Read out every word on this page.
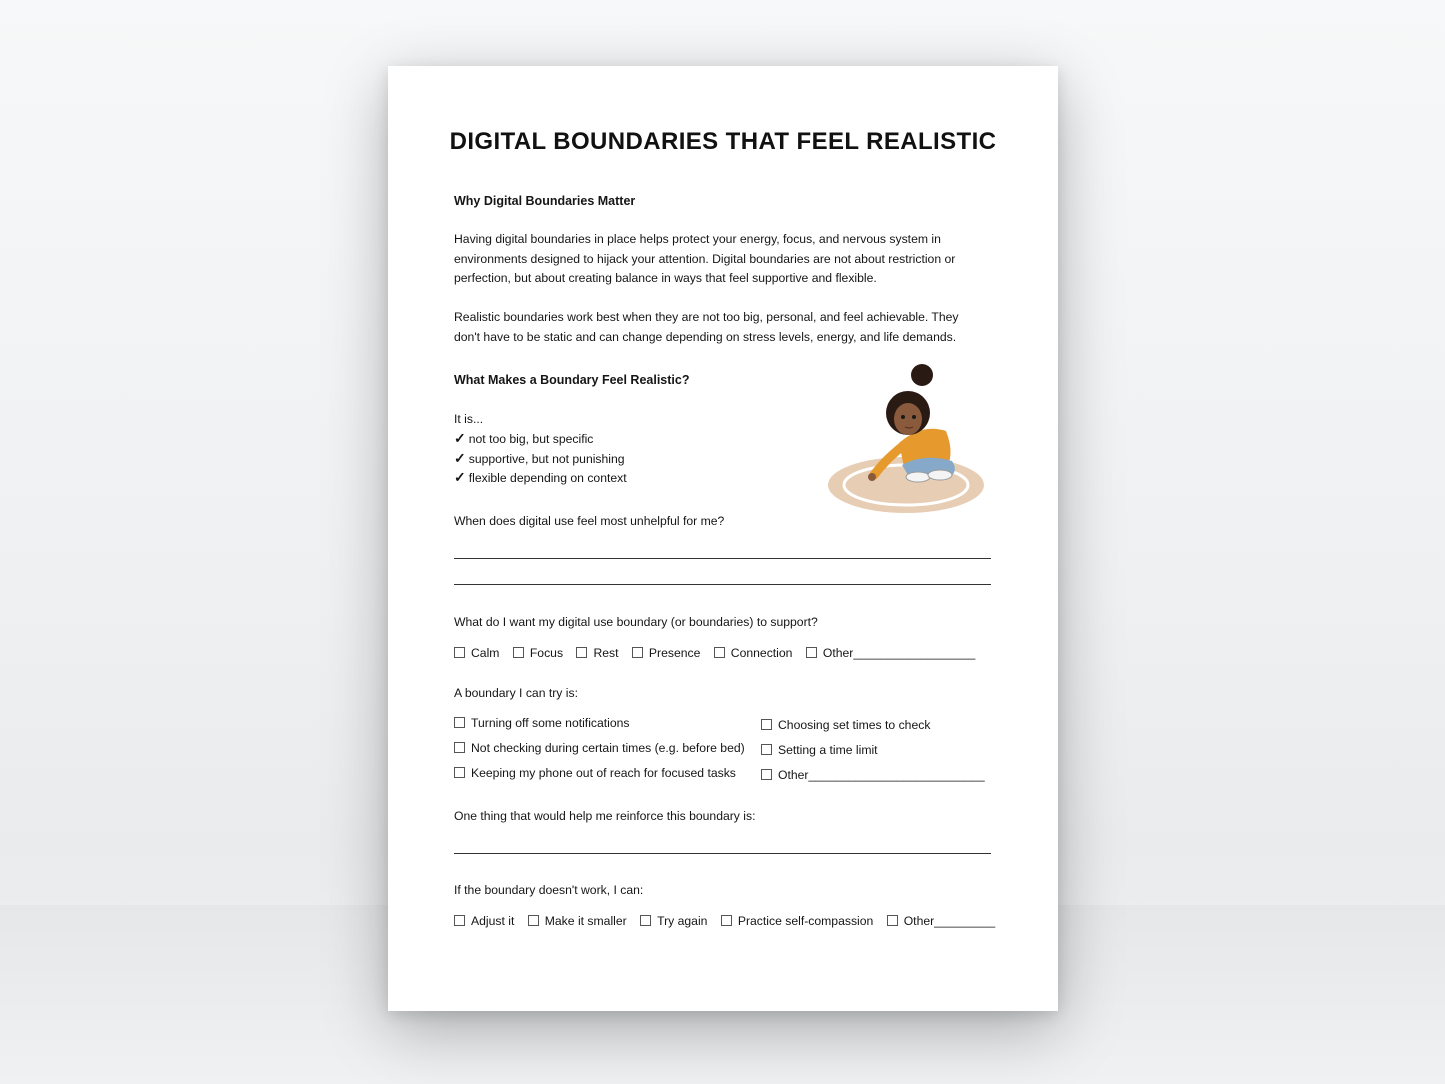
DIGITAL BOUNDARIES THAT FEEL REALISTIC
Why Digital Boundaries Matter
Having digital boundaries in place helps protect your energy, focus, and nervous system in environments designed to hijack your attention. Digital boundaries are not about restriction or perfection, but about creating balance in ways that feel supportive and flexible.
Realistic boundaries work best when they are not too big, personal, and feel achievable. They don't have to be static and can change depending on stress levels, energy, and life demands.
What Makes a Boundary Feel Realistic?
It is...
✓ not too big, but specific
✓ supportive, but not punishing
✓ flexible depending on context
When does digital use feel most unhelpful for me?
What do I want my digital use boundary (or boundaries) to support?
Calm Focus Rest Presence Connection Other__________________
A boundary I can try is:
Turning off some notifications
Not checking during certain times (e.g. before bed)
Keeping my phone out of reach for focused tasks
Choosing set times to check
Setting a time limit
Other__________________________
One thing that would help me reinforce this boundary is:
If the boundary doesn't work, I can:
Adjust it Make it smaller Try again Practice self-compassion Other_________
